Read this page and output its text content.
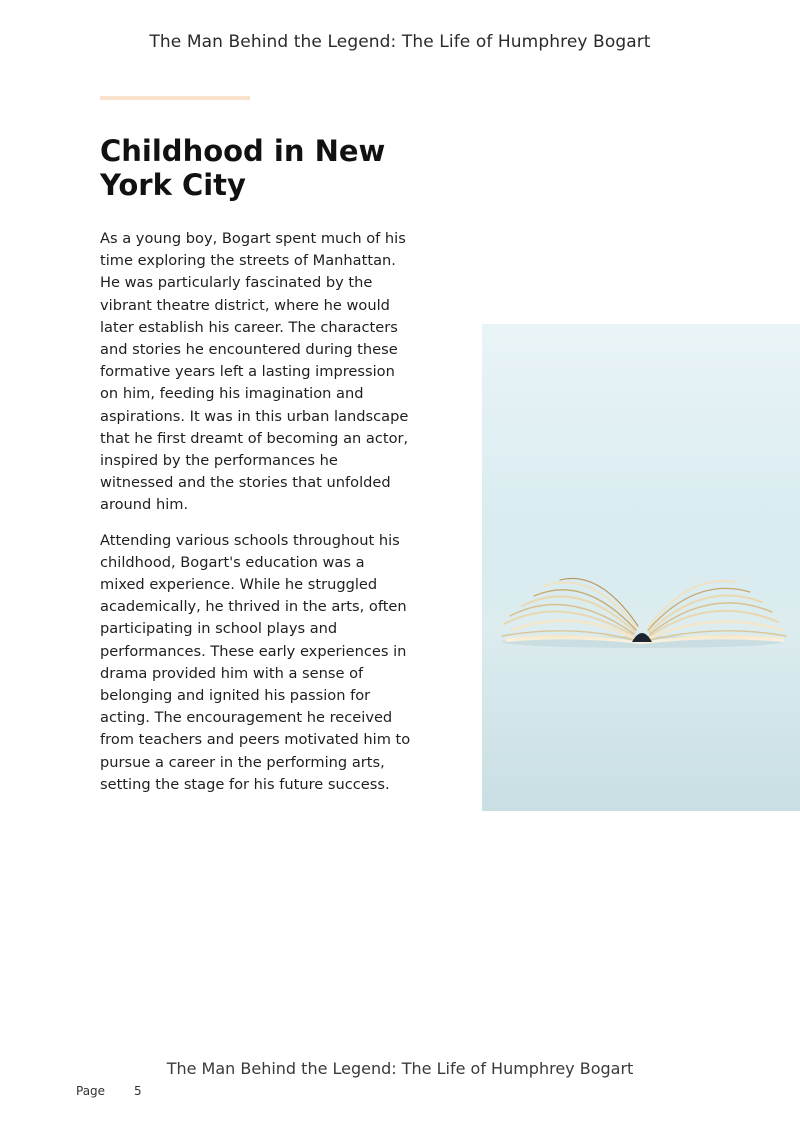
The Man Behind the Legend: The Life of Humphrey Bogart
Childhood in New York City

As a young boy, Bogart spent much of his time exploring the streets of Manhattan. He was particularly fascinated by the vibrant theatre district, where he would later establish his career. The characters and stories he encountered during these formative years left a lasting impression on him, feeding his imagination and aspirations. It was in this urban landscape that he first dreamt of becoming an actor, inspired by the performances he witnessed and the stories that unfolded around him.

Attending various schools throughout his childhood, Bogart's education was a mixed experience. While he struggled academically, he thrived in the arts, often participating in school plays and performances. These early experiences in drama provided him with a sense of belonging and ignited his passion for acting. The encouragement he received from teachers and peers motivated him to pursue a career in the performing arts, setting the stage for his future success.

The Man Behind the Legend: The Life of Humphrey Bogart
Page 5
